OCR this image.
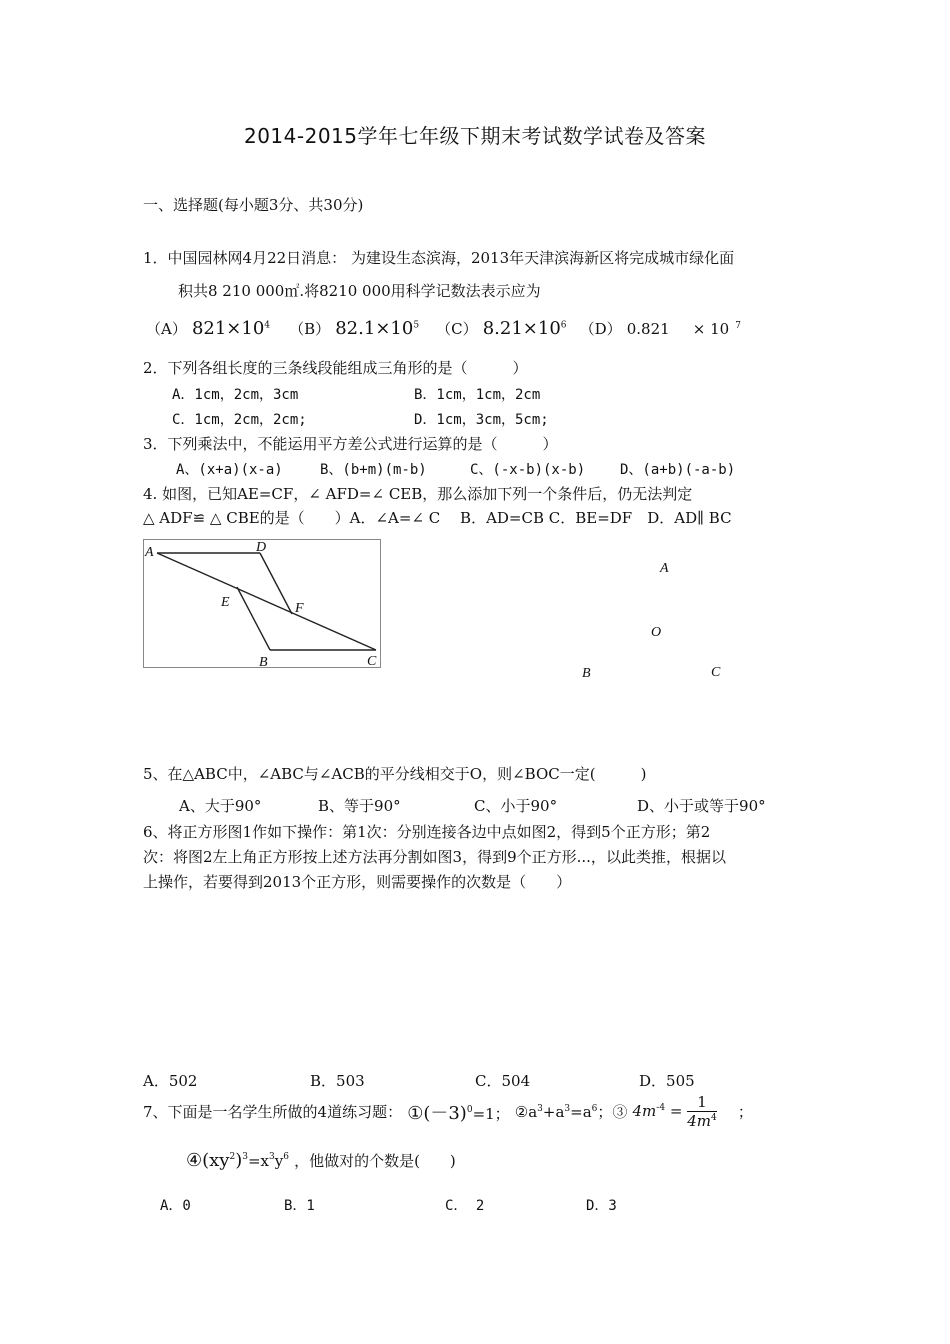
2014-2015学年七年级下期末考试数学试卷及答案
一、选择题(每小题3分、共30分)
1．中国园林网4月22日消息： 为建设生态滨海，2013年天津滨海新区将完成城市绿化面
积共8 210 000㎡.将8210 000用科学记数法表示应为
（A） $821\times 10^4$ （B） $82.1\times 10^5$ （C） $8.21\times 10^6$ （D） 0.821 × 10 $^7$
2．下列各组长度的三条线段能组成三角形的是（　　　）
A．1cm，2cm，3cm	B．1cm，1cm，2cm
C．1cm，2cm，2cm;	D．1cm，3cm，5cm;
3．下列乘法中，不能运用平方差公式进行运算的是（　　　）
A、(x+a)(x-a)	B、(b+m)(m-b)	C、(-x-b)(x-b) D、(a+b)(-a-b)
4. 如图，已知AE=CF，∠ AFD=∠ CEB，那么添加下列一个条件后，仍无法判定
△ ADF≌ △ CBE的是（　　）A．∠A=∠ C　 B．AD=CB C．BE=DF　D．AD∥ BC
A	D
E	F
B	C
A
O
B	C
5、在△ABC中，∠ABC与∠ACB的平分线相交于O，则∠BOC一定(　　　)
A、大于90°	B、等于90°	C、小于90°	D、小于或等于90°
6、将正方形图1作如下操作：第1次：分别连接各边中点如图2，得到5个正方形；第2
次：将图2左上角正方形按上述方法再分割如图3，得到9个正方形...，以此类推，根据以
上操作，若要得到2013个正方形，则需要操作的次数是（　　）
A．502	B．503	C．504	D．505
7、下面是一名学生所做的4道练习题： $①(-3)^0=1$； $②a^3+a^3=a^6$；③ $4m^{-4} = \frac{1}{4m^4}$ ；
$④(xy^2)^3=x^3y^6$ ，他做对的个数是(　　)
A．0	B．1	C． 2	D．3
